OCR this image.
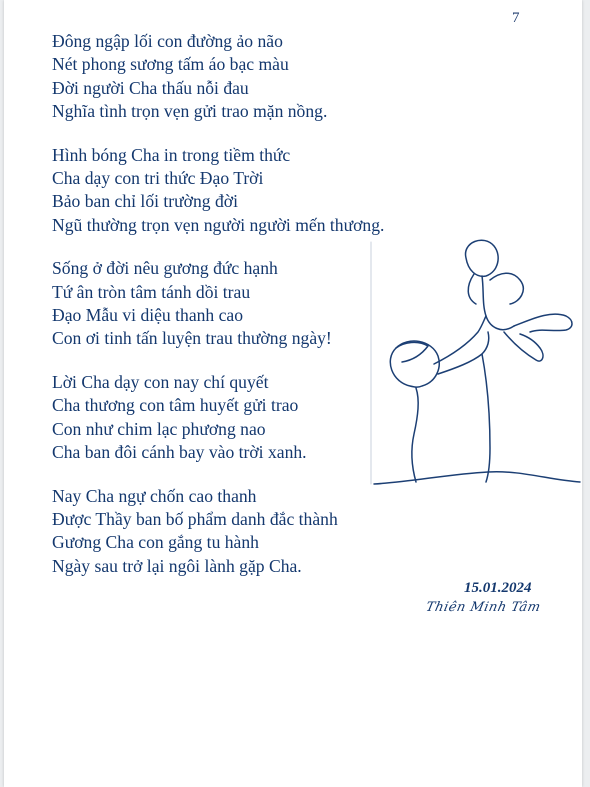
7
Đông ngập lối con đường ảo não
Nét phong sương tấm áo bạc màu
Đời người Cha thấu nỗi đau
Nghĩa tình trọn vẹn gửi trao mặn nồng.
Hình bóng Cha in trong tiềm thức
Cha dạy con tri thức Đạo Trời
Bảo ban chỉ lối trường đời
Ngũ thường trọn vẹn người người mến thương.
Sống ở đời nêu gương đức hạnh
Tứ ân tròn tâm tánh dồi trau
Đạo Mẫu vi diệu thanh cao
Con ơi tinh tấn luyện trau thường ngày!
Lời Cha dạy con nay chí quyết
Cha thương con tâm huyết gửi trao
Con như chim lạc phương nao
Cha ban đôi cánh bay vào trời xanh.
Nay Cha ngự chốn cao thanh
Được Thầy ban bố phẩm danh đắc thành
Gương Cha con gắng tu hành
Ngày sau trở lại ngôi lành gặp Cha.
15.01.2024
Thiên Minh Tâm
